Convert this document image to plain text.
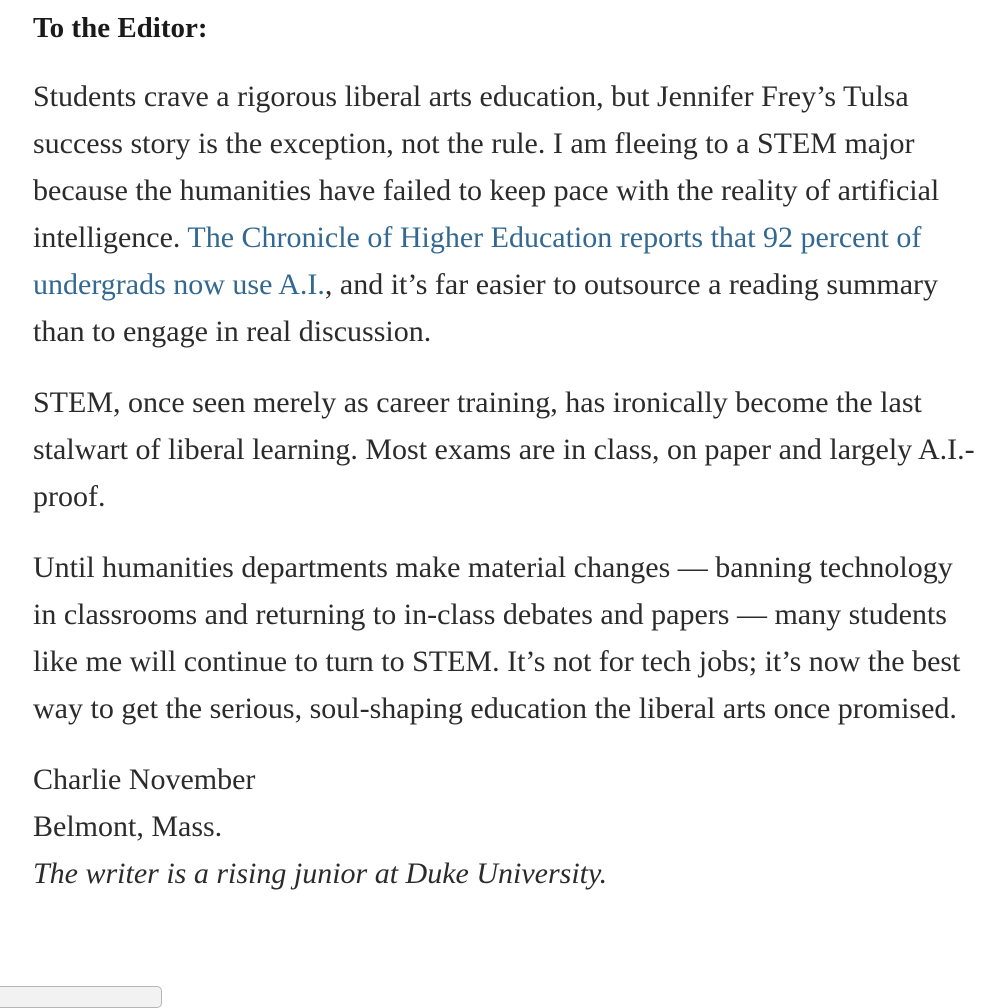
To the Editor:

Students crave a rigorous liberal arts education, but Jennifer Frey’s Tulsa success story is the exception, not the rule. I am fleeing to a STEM major because the humanities have failed to keep pace with the reality of artificial intelligence. The Chronicle of Higher Education reports that 92 percent of undergrads now use A.I., and it’s far easier to outsource a reading summary than to engage in real discussion.

STEM, once seen merely as career training, has ironically become the last stalwart of liberal learning. Most exams are in class, on paper and largely A.I.-proof.

Until humanities departments make material changes — banning technology in classrooms and returning to in-class debates and papers — many students like me will continue to turn to STEM. It’s not for tech jobs; it’s now the best way to get the serious, soul-shaping education the liberal arts once promised.

Charlie November
Belmont, Mass.
The writer is a rising junior at Duke University.
